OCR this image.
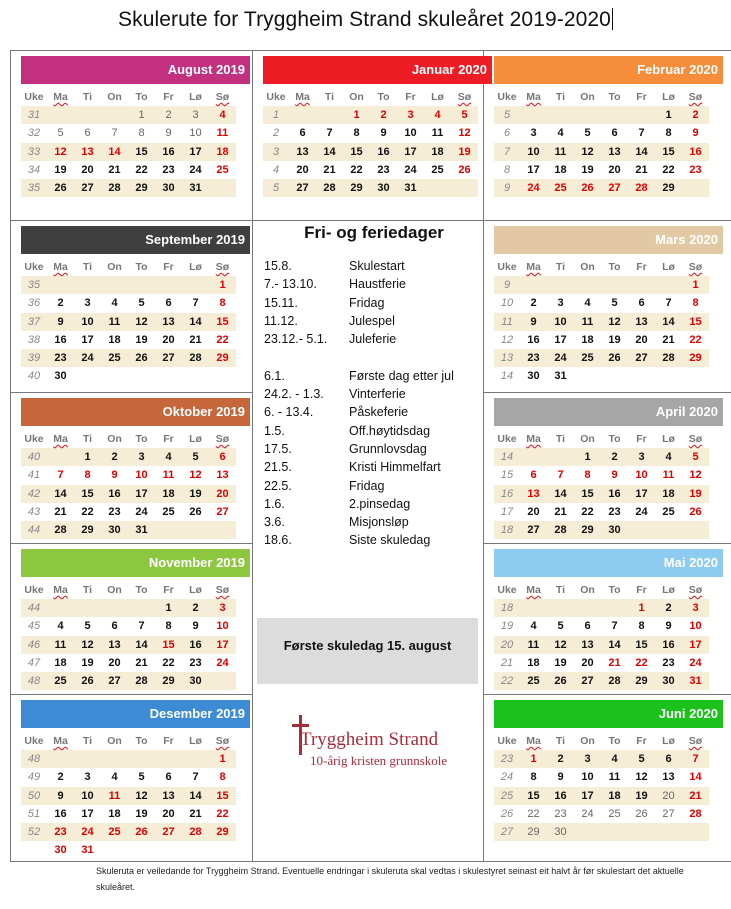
Skulerute for Tryggheim Strand skuleåret 2019-2020
August 2019
Uke	Ma	Ti	On	To	Fr	Lø	Sø
31				1	2	3	4
32	5	6	7	8	9	10	11
33	12	13	14	15	16	17	18
34	19	20	21	22	23	24	25
35	26	27	28	29	30	31	
September 2019
Uke	Ma	Ti	On	To	Fr	Lø	Sø
35							1
36	2	3	4	5	6	7	8
37	9	10	11	12	13	14	15
38	16	17	18	19	20	21	22
39	23	24	25	26	27	28	29
40	30						
Oktober 2019
Uke	Ma	Ti	On	To	Fr	Lø	Sø
40		1	2	3	4	5	6
41	7	8	9	10	11	12	13
42	14	15	16	17	18	19	20
43	21	22	23	24	25	26	27
44	28	29	30	31			
November 2019
Uke	Ma	Ti	On	To	Fr	Lø	Sø
44					1	2	3
45	4	5	6	7	8	9	10
46	11	12	13	14	15	16	17
47	18	19	20	21	22	23	24
48	25	26	27	28	29	30	
Desember 2019
Uke	Ma	Ti	On	To	Fr	Lø	Sø
48							1
49	2	3	4	5	6	7	8
50	9	10	11	12	13	14	15
51	16	17	18	19	20	21	22
52	23	24	25	26	27	28	29
	30	31					
Januar 2020
Uke	Ma	Ti	On	To	Fr	Lø	Sø
1			1	2	3	4	5
2	6	7	8	9	10	11	12
3	13	14	15	16	17	18	19
4	20	21	22	23	24	25	26
5	27	28	29	30	31		
Februar 2020
Uke	Ma	Ti	On	To	Fr	Lø	Sø
5						1	2
6	3	4	5	6	7	8	9
7	10	11	12	13	14	15	16
8	17	18	19	20	21	22	23
9	24	25	26	27	28	29	
Mars 2020
Uke	Ma	Ti	On	To	Fr	Lø	Sø
9							1
10	2	3	4	5	6	7	8
11	9	10	11	12	13	14	15
12	16	17	18	19	20	21	22
13	23	24	25	26	27	28	29
14	30	31					
April 2020
Uke	Ma	Ti	On	To	Fr	Lø	Sø
14			1	2	3	4	5
15	6	7	8	9	10	11	12
16	13	14	15	16	17	18	19
17	20	21	22	23	24	25	26
18	27	28	29	30			
Mai 2020
Uke	Ma	Ti	On	To	Fr	Lø	Sø
18					1	2	3
19	4	5	6	7	8	9	10
20	11	12	13	14	15	16	17
21	18	19	20	21	22	23	24
22	25	26	27	28	29	30	31
Juni 2020
Uke	Ma	Ti	On	To	Fr	Lø	Sø
23	1	2	3	4	5	6	7
24	8	9	10	11	12	13	14
25	15	16	17	18	19	20	21
26	22	23	24	25	26	27	28
27	29	30					
Fri- og feriedager
15.8.	Skulestart
7.- 13.10.	Haustferie
15.11.	Fridag
11.12.	Julespel
23.12.- 5.1.	Juleferie
6.1.	Første dag etter jul
24.2. - 1.3.	Vinterferie
6. - 13.4.	Påskeferie
1.5.	Off.høytidsdag
17.5.	Grunnlovsdag
21.5.	Kristi Himmelfart
22.5.	Fridag
1.6.	2.pinsedag
3.6.	Misjonsløp
18.6.	Siste skuledag
Første skuledag 15. august
Tryggheim Strand
10-årig kristen grunnskole
Skuleruta er veiledande for Tryggheim Strand. Eventuelle endringar i skuleruta skal vedtas i skulestyret seinast eit halvt år før skulestart det aktuelle skuleåret.
